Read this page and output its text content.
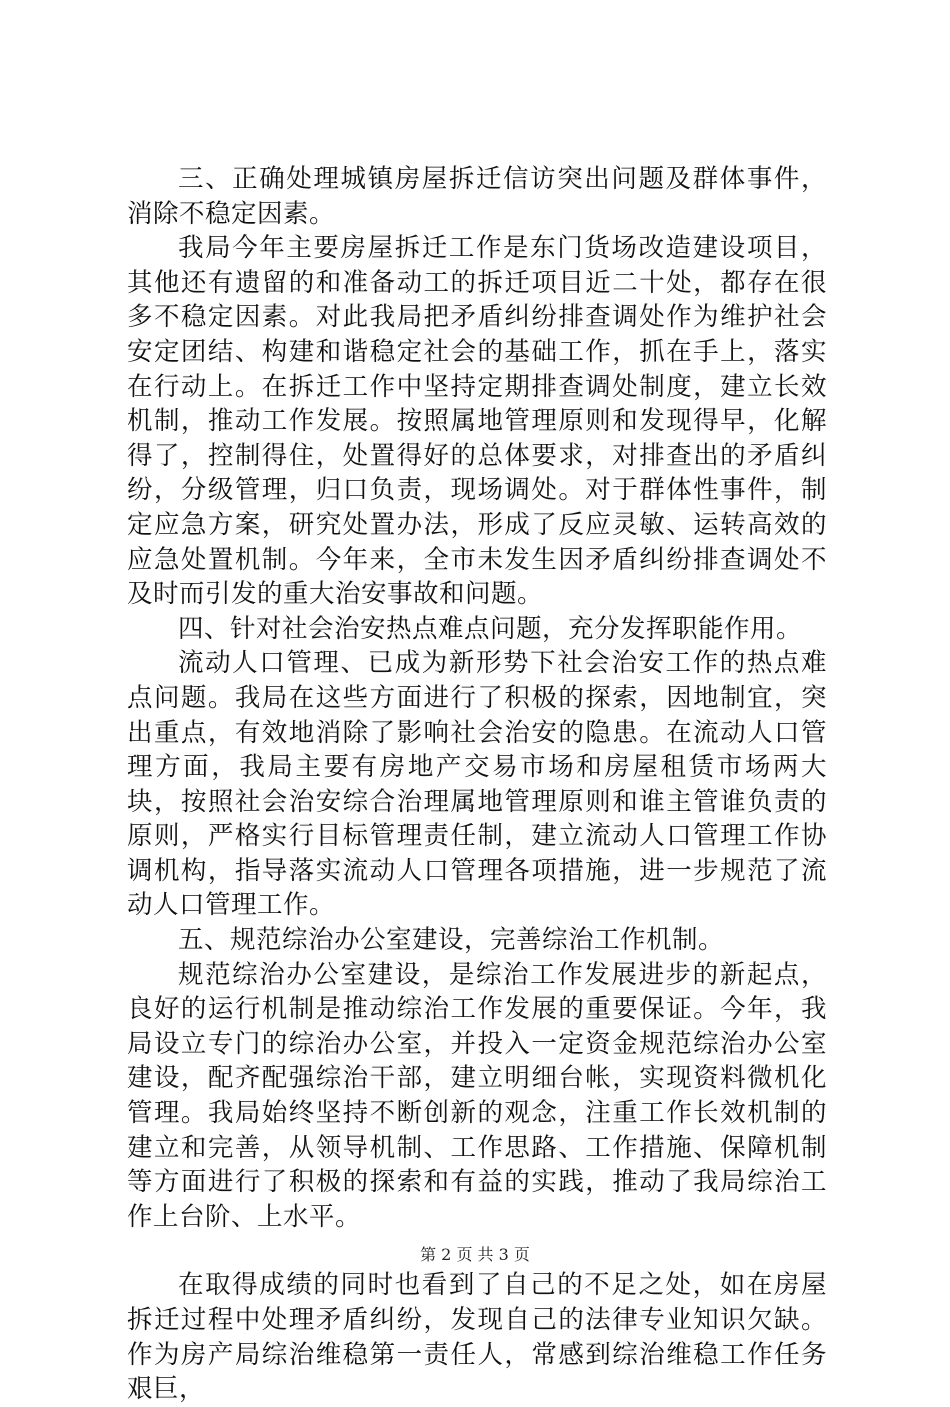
三、正确处理城镇房屋拆迁信访突出问题及群体事件，消除不稳定因素。

我局今年主要房屋拆迁工作是东门货场改造建设项目，其他还有遗留的和准备动工的拆迁项目近二十处，都存在很多不稳定因素。对此我局把矛盾纠纷排查调处作为维护社会安定团结、构建和谐稳定社会的基础工作，抓在手上，落实在行动上。在拆迁工作中坚持定期排查调处制度，建立长效机制，推动工作发展。按照属地管理原则和发现得早，化解得了，控制得住，处置得好的总体要求，对排查出的矛盾纠纷，分级管理，归口负责，现场调处。对于群体性事件，制定应急方案，研究处置办法，形成了反应灵敏、运转高效的应急处置机制。今年来，全市未发生因矛盾纠纷排查调处不及时而引发的重大治安事故和问题。

四、针对社会治安热点难点问题，充分发挥职能作用。

流动人口管理、已成为新形势下社会治安工作的热点难点问题。我局在这些方面进行了积极的探索，因地制宜，突出重点，有效地消除了影响社会治安的隐患。在流动人口管理方面，我局主要有房地产交易市场和房屋租赁市场两大块，按照社会治安综合治理属地管理原则和谁主管谁负责的原则，严格实行目标管理责任制，建立流动人口管理工作协调机构，指导落实流动人口管理各项措施，进一步规范了流动人口管理工作。

五、规范综治办公室建设，完善综治工作机制。

规范综治办公室建设，是综治工作发展进步的新起点，良好的运行机制是推动综治工作发展的重要保证。今年，我局设立专门的综治办公室，并投入一定资金规范综治办公室建设，配齐配强综治干部，建立明细台帐，实现资料微机化管理。我局始终坚持不断创新的观念，注重工作长效机制的建立和完善，从领导机制、工作思路、工作措施、保障机制等方面进行了积极的探索和有益的实践，推动了我局综治工作上台阶、上水平。

在取得成绩的同时也看到了自己的不足之处，如在房屋拆迁过程中处理矛盾纠纷，发现自己的法律专业知识欠缺。作为房产局综治维稳第一责任人，常感到综治维稳工作任务艰巨，

第 2 页 共 3 页
